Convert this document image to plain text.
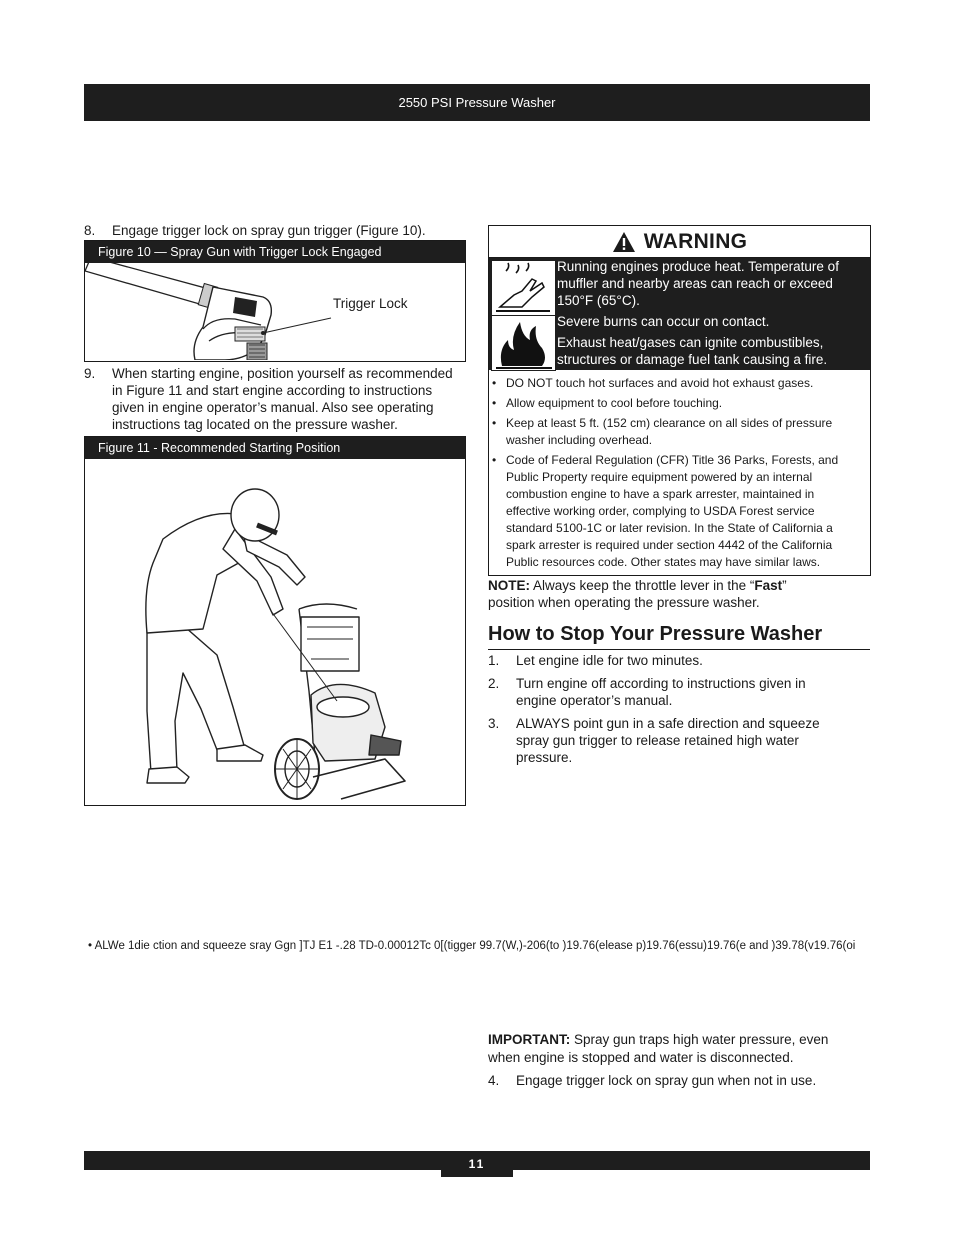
2550 PSI Pressure Washer
8. Engage trigger lock on spray gun trigger (Figure 10).
Figure 10 — Spray Gun with Trigger Lock Engaged
Trigger Lock
9. When starting engine, position yourself as recommended
in Figure 11 and start engine according to instructions
given in engine operator’s manual. Also see operating
instructions tag located on the pressure washer.
Figure 11 - Recommended Starting Position
WARNING
Running engines produce heat. Temperature of
muffler and nearby areas can reach or exceed
150°F (65°C).
Severe burns can occur on contact.
Exhaust heat/gases can ignite combustibles,
structures or damage fuel tank causing a fire.
• DO NOT touch hot surfaces and avoid hot exhaust gases.
• Allow equipment to cool before touching.
• Keep at least 5 ft. (152 cm) clearance on all sides of pressure
washer including overhead.
• Code of Federal Regulation (CFR) Title 36 Parks, Forests, and
Public Property require equipment powered by an internal
combustion engine to have a spark arrester, maintained in
effective working order, complying to USDA Forest service
standard 5100-1C or later revision. In the State of California a
spark arrester is required under section 4442 of the California
Public resources code. Other states may have similar laws.
NOTE: Always keep the throttle lever in the “Fast”
position when operating the pressure washer.
How to Stop Your Pressure Washer
1. Let engine idle for two minutes.
2. Turn engine off according to instructions given in
engine operator’s manual.
3. ALWAYS point gun in a safe direction and squeeze
spray gun trigger to release retained high water
pressure.
• ALWe 1die ction and squeeze sray Ggn ]TJ E1 -.28 TD-0.00012Tc 0[(tigger 99.7(W,)-206(to )19.76(elease p)19.76(essu)19.76(e and )39.78(v19.76(oi
IMPORTANT: Spray gun traps high water pressure, even
when engine is stopped and water is disconnected.
4. Engage trigger lock on spray gun when not in use.
11
